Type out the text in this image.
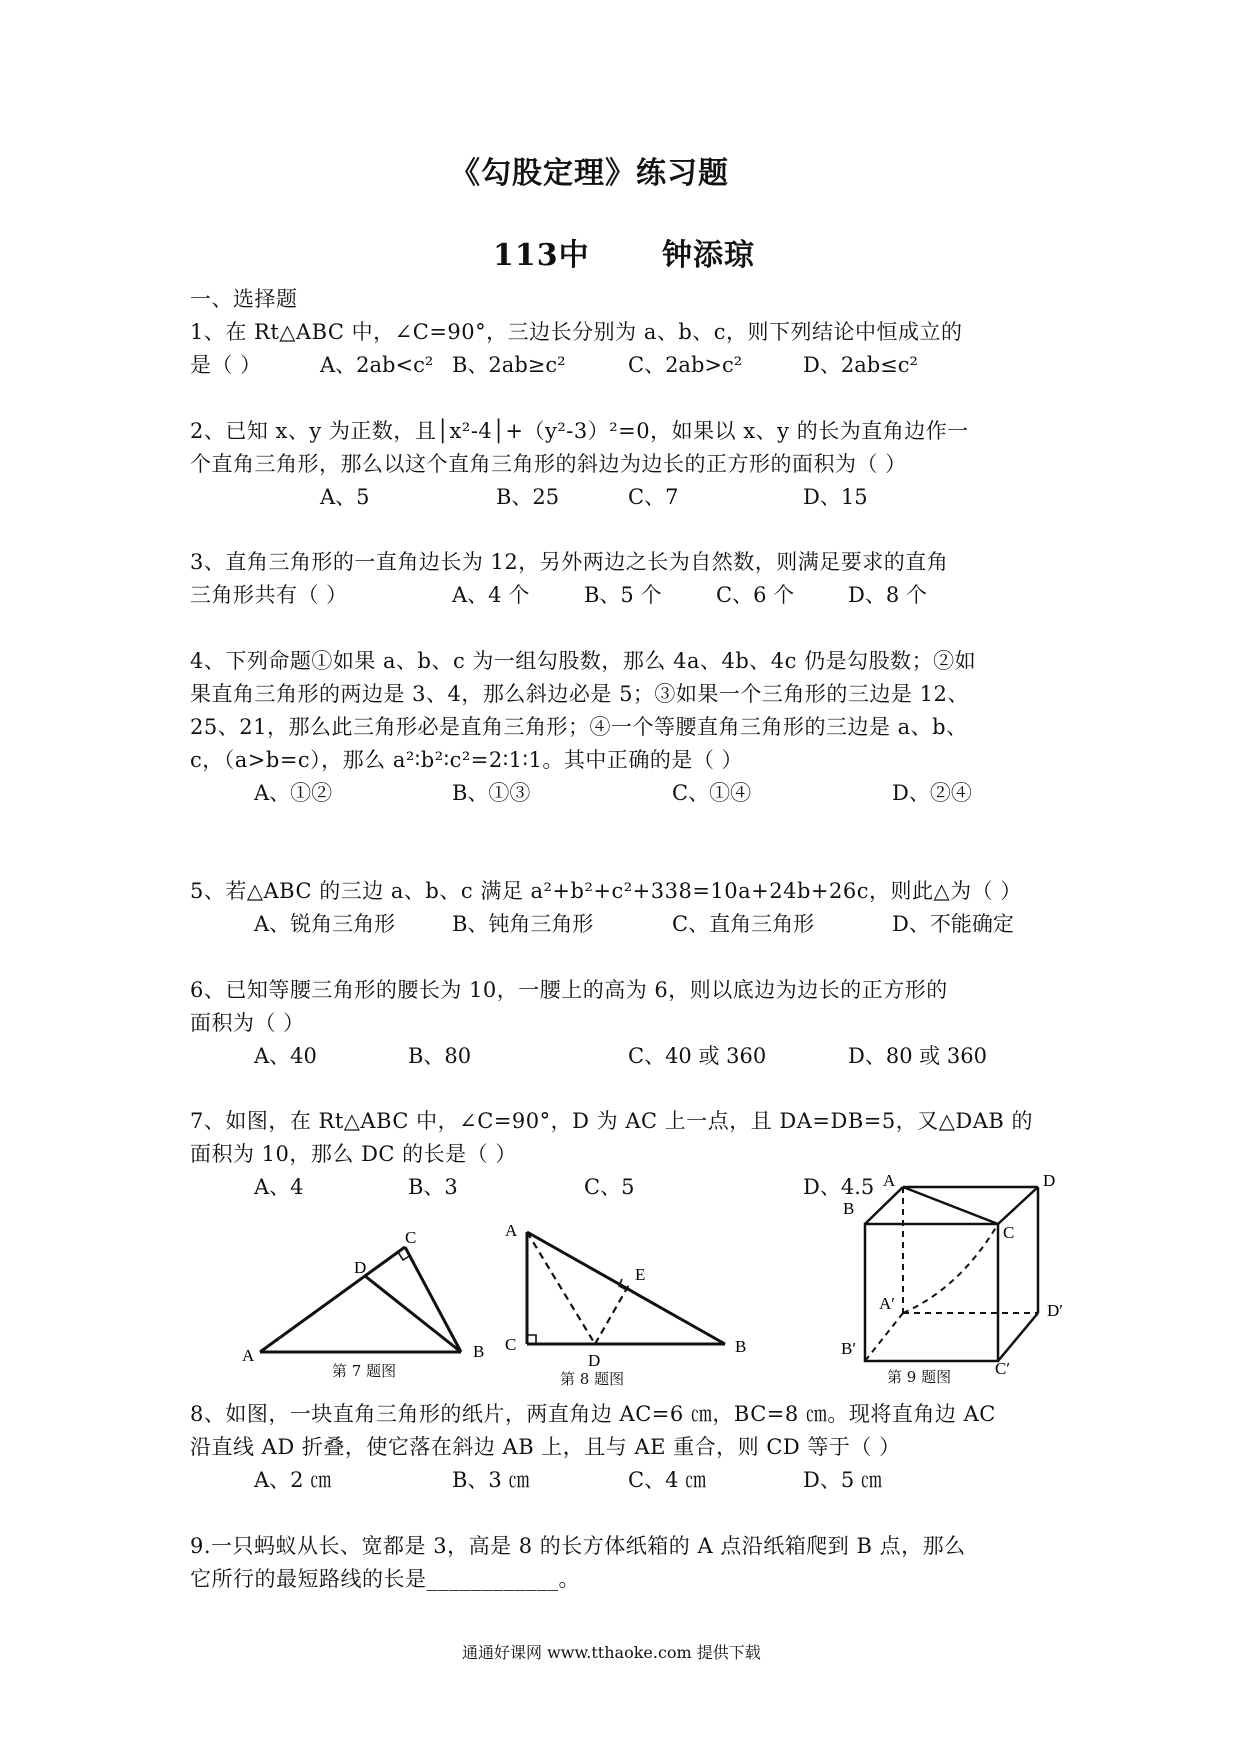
《勾股定理》练习题
113中 钟添琼
一、选择题
1、在 Rt△ABC 中，∠C=90°，三边长分别为 a、b、c，则下列结论中恒成立的
是（ ）	A、2ab<c² B、2ab≥c²	C、2ab>c²	D、2ab≤c²
2、已知 x、y 为正数，且│x²-4│+（y²-3）²=0，如果以 x、y 的长为直角边作一
个直角三角形，那么以这个直角三角形的斜边为边长的正方形的面积为（ ）
A、5	B、25	C、7	D、15
3、直角三角形的一直角边长为 12，另外两边之长为自然数，则满足要求的直角
三角形共有（ ）	A、4 个	B、5 个	C、6 个	D、8 个
4、下列命题①如果 a、b、c 为一组勾股数，那么 4a、4b、4c 仍是勾股数；②如
果直角三角形的两边是 3、4，那么斜边必是 5；③如果一个三角形的三边是 12、
25、21，那么此三角形必是直角三角形；④一个等腰直角三角形的三边是 a、b、
c，（a>b=c），那么 a²∶b²∶c²=2∶1∶1。其中正确的是（ ）
A、①②	B、①③	C、①④	D、②④
5、若△ABC 的三边 a、b、c 满足 a²+b²+c²+338=10a+24b+26c，则此△为（ ）
A、锐角三角形	B、钝角三角形	C、直角三角形	D、不能确定
6、已知等腰三角形的腰长为 10，一腰上的高为 6，则以底边为边长的正方形的
面积为（ ）
A、40	B、80	C、40 或 360	D、80 或 360
7、如图，在 Rt△ABC 中，∠C=90°，D 为 AC 上一点，且 DA=DB=5，又△DAB 的
面积为 10，那么 DC 的长是（ ）
A、4	B、3	C、5	D、4.5
A	B
C
D
第 7 题图
A
B
C
D
E
第 8 题图
A
B
C
D
A′
B′
C′
D′
第 9 题图
8、如图，一块直角三角形的纸片，两直角边 AC=6 ㎝，BC=8 ㎝。现将直角边 AC
沿直线 AD 折叠，使它落在斜边 AB 上，且与 AE 重合，则 CD 等于（ ）
A、2 ㎝	B、3 ㎝	C、4 ㎝	D、5 ㎝
9.一只蚂蚁从长、宽都是 3，高是 8 的长方体纸箱的 A 点沿纸箱爬到 B 点，那么
它所行的最短路线的长是____________。
通通好课网 www.tthaoke.com 提供下载
